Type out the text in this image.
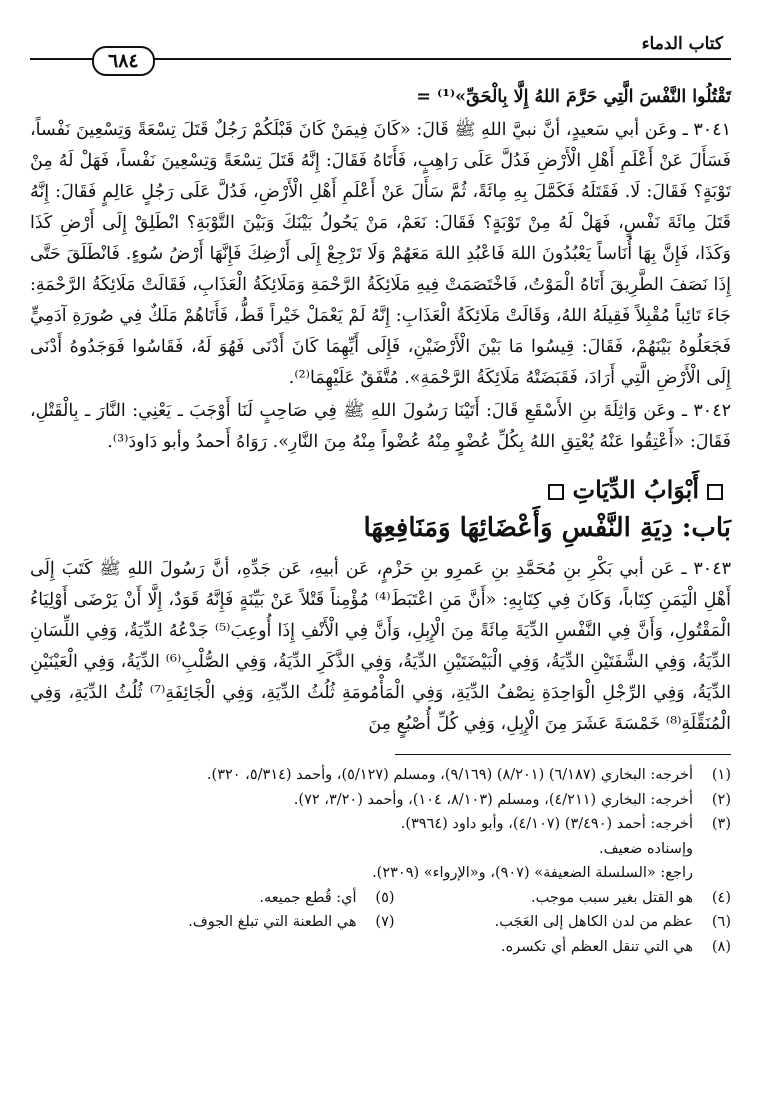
كتاب الدماء
٦٨٤

تَقْتُلُوا النَّفْسَ الَّتِي حَرَّمَ اللهُ إِلَّا بِالْحَقِّ»⁽¹⁾ =

٣٠٤١ ـ وعَن أبي سَعيدٍ، أنَّ نبيَّ اللهِ ﷺ قَالَ: «كَانَ فِيمَنْ كَانَ قَبْلَكُمْ رَجُلٌ قَتَلَ تِسْعَةً وَتِسْعِينَ نَفْساً، فَسَأَلَ عَنْ أَعْلَمِ أَهْلِ الْأَرْضِ فَدُلَّ عَلَى رَاهِبٍ، فَأَتَاهُ فَقَالَ: إِنَّهُ قَتَلَ تِسْعَةً وَتِسْعِينَ نَفْساً، فَهَلْ لَهُ مِنْ تَوْبَةٍ؟ فَقَالَ: لَا. فَقَتَلَهُ فَكَمَّلَ بِهِ مِائَةً، ثُمَّ سَأَلَ عَنْ أَعْلَمِ أَهْلِ الْأَرْضِ، فَدُلَّ عَلَى رَجُلٍ عَالِمٍ فَقَالَ: إِنَّهُ قَتَلَ مِائَةَ نَفْسٍ، فَهَلْ لَهُ مِنْ تَوْبَةٍ؟ فَقَالَ: نَعَمْ، مَنْ يَحُولُ بَيْنَكَ وَبَيْنَ التَّوْبَةِ؟ انْطَلِقْ إِلَى أَرْضِ كَذَا وَكَذَا، فَإِنَّ بِهَا أُنَاساً يَعْبُدُونَ اللهَ فَاعْبُدِ اللهَ مَعَهُمْ وَلَا تَرْجِعْ إِلَى أَرْضِكَ فَإِنَّهَا أَرْضُ سُوءٍ. فَانْطَلَقَ حَتَّى إِذَا نَصَفَ الطَّرِيقَ أَتَاهُ الْمَوْتُ، فَاخْتَصَمَتْ فِيهِ مَلَائِكَةُ الرَّحْمَةِ وَمَلَائِكَةُ الْعَذَابِ، فَقَالَتْ مَلَائِكَةُ الرَّحْمَةِ: جَاءَ تَائِباً مُقْبِلاً فَقِيلَهُ اللهُ، وَقَالَتْ مَلَائِكَةُ الْعَذَابِ: إِنَّهُ لَمْ يَعْمَلْ خَيْراً قَطُّ، فَأَتَاهُمْ مَلَكٌ فِي صُورَةِ آدَمِيٍّ فَجَعَلُوهُ بَيْنَهُمْ، فَقَالَ: قِيسُوا مَا بَيْنَ الْأَرْضَيْنِ، فَإِلَى أَيِّهِمَا كَانَ أَدْنَى فَهُوَ لَهُ، فَقَاسُوا فَوَجَدُوهُ أَدْنَى إِلَى الْأَرْضِ الَّتِي أَرَادَ، فَقَبَضَتْهُ مَلَائِكَةُ الرَّحْمَةِ». مُتَّفَقٌ عَلَيْهِمَا⁽²⁾.

٣٠٤٢ ـ وعَن وَاثِلَةَ بنِ الأَسْقَعِ قَالَ: أَتَيْنَا رَسُولَ اللهِ ﷺ فِي صَاحِبٍ لَنَا أَوْجَبَ ـ يَعْنِي: النَّارَ ـ بِالْقَتْلِ، فَقَالَ: «أَعْتِقُوا عَنْهُ يُعْتِقِ اللهُ بِكُلِّ عُضْوٍ مِنْهُ عُضْواً مِنْهُ مِنَ النَّارِ». رَوَاهُ أَحمدُ وأبو دَاودَ⁽³⁾.

أَبْوَابُ الدِّيَاتِ
بَاب: دِيَةِ النَّفْسِ وَأَعْضَائِهَا وَمَنَافِعِهَا

٣٠٤٣ ـ عَن أبي بَكْرِ بنِ مُحَمَّدِ بنِ عَمرِو بنِ حَزْمٍ، عَن أبيهِ، عَن جَدِّهِ، أنَّ رَسُولَ اللهِ ﷺ كَتَبَ إِلَى أَهْلِ الْيَمَنِ كِتَاباً، وَكَانَ فِي كِتَابِهِ: «أَنَّ مَنِ اعْتَبَطَ⁽⁴⁾ مُؤْمِناً قَتْلاً عَنْ بَيِّنَةٍ فَإِنَّهُ قَوَدٌ، إِلَّا أَنْ يَرْضَى أَوْلِيَاءُ الْمَقْتُولِ، وَأَنَّ فِي النَّفْسِ الدِّيَةَ مِائَةً مِنَ الْإِبِلِ، وَأَنَّ فِي الْأَنْفِ إِذَا أُوعِبَ⁽⁵⁾ جَدْعُهُ الدِّيَةُ، وَفِي اللِّسَانِ الدِّيَةُ، وَفِي الشَّفَتَيْنِ الدِّيَةُ، وَفِي الْبَيْضَتَيْنِ الدِّيَةُ، وَفِي الذَّكَرِ الدِّيَةُ، وَفِي الصُّلْبِ⁽⁶⁾ الدِّيَةُ، وَفِي الْعَيْنَيْنِ الدِّيَةُ، وَفِي الرِّجْلِ الْوَاحِدَةِ نِصْفُ الدِّيَةِ، وَفِي الْمَأْمُومَةِ ثُلُثُ الدِّيَةِ، وَفِي الْجَائِفَةِ⁽⁷⁾ ثُلُثُ الدِّيَةِ، وَفِي الْمُنَقِّلَةِ⁽⁸⁾ خَمْسَةَ عَشَرَ مِنَ الْإِبِلِ، وَفِي كُلِّ أُصْبُعٍ مِنَ

(١)
أخرجه: البخاري (٦/١٨٧) (٨/٢٠١) (٩/١٦٩)، ومسلم (٥/١٢٧)، وأحمد (٥/٣١٤، ٣٢٠).
(٢)
أخرجه: البخاري (٤/٢١١)، ومسلم (٨/١٠٣، ١٠٤)، وأحمد (٣/٢٠، ٧٢).
(٣)
أخرجه: أحمد (٣/٤٩٠) (٤/١٠٧)، وأبو داود (٣٩٦٤).
وإسناده ضعيف.
راجع: «السلسلة الضعيفة» (٩٠٧)، و«الإرواء» (٢٣٠٩).
(٤)
هو القتل بغير سبب موجب.
(٥)
أي: قُطع جميعه.
(٦)
عظم من لدن الكاهل إلى العَجَب.
(٧)
هي الطعنة التي تبلغ الجوف.
(٨)
هي التي تنقل العظم أي تكسره.
